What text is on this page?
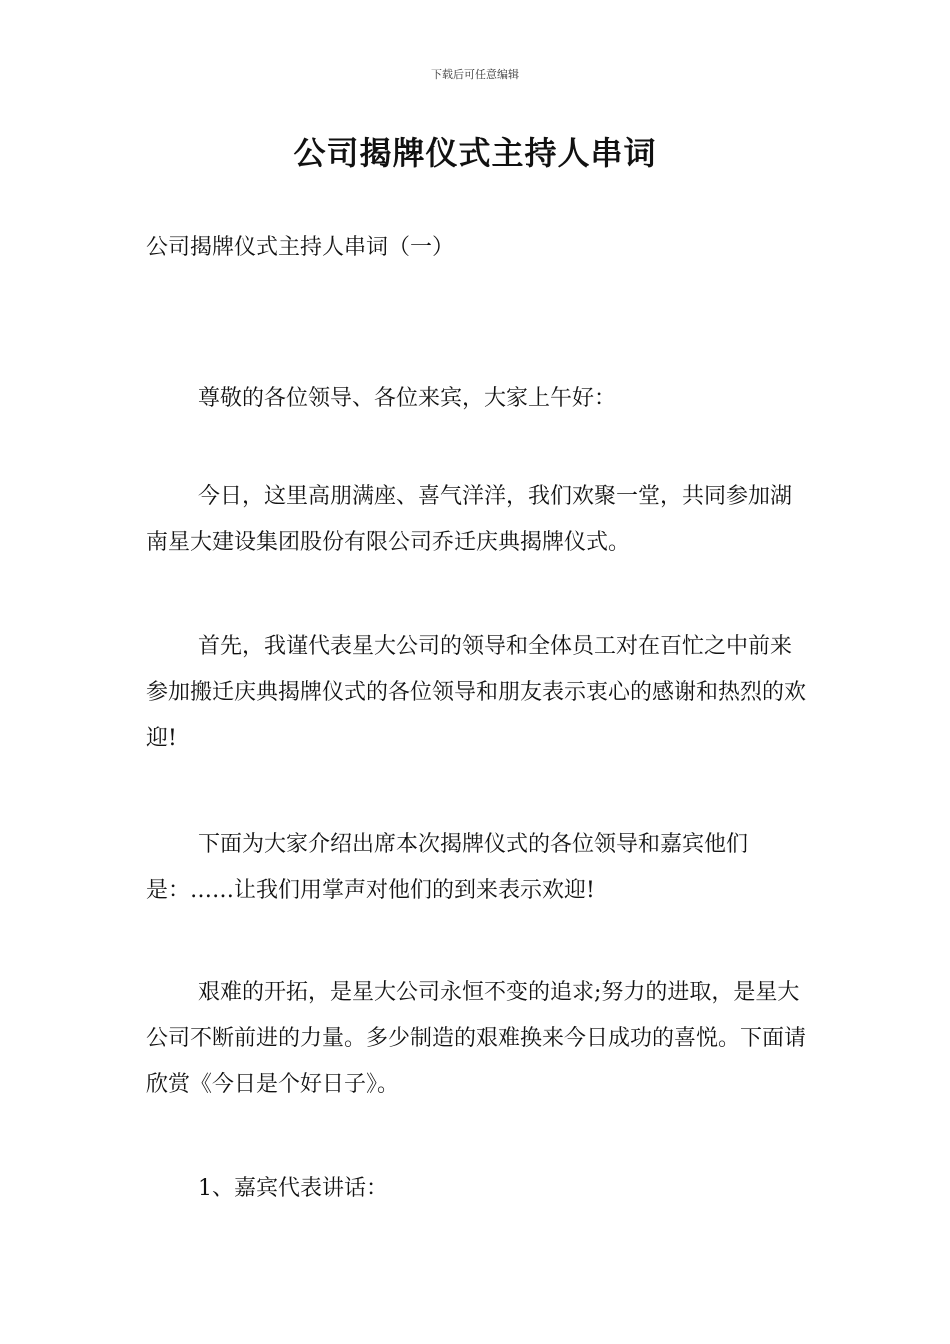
下载后可任意编辑
公司揭牌仪式主持人串词
公司揭牌仪式主持人串词（一）

尊敬的各位领导、各位来宾，大家上午好：

今日，这里高朋满座、喜气洋洋，我们欢聚一堂，共同参加湖南星大建设集团股份有限公司乔迁庆典揭牌仪式。

首先，我谨代表星大公司的领导和全体员工对在百忙之中前来参加搬迁庆典揭牌仪式的各位领导和朋友表示衷心的感谢和热烈的欢迎!

下面为大家介绍出席本次揭牌仪式的各位领导和嘉宾他们是：……让我们用掌声对他们的到来表示欢迎!

艰难的开拓，是星大公司永恒不变的追求;努力的进取，是星大公司不断前进的力量。多少制造的艰难换来今日成功的喜悦。下面请欣赏《今日是个好日子》。

1、嘉宾代表讲话：
